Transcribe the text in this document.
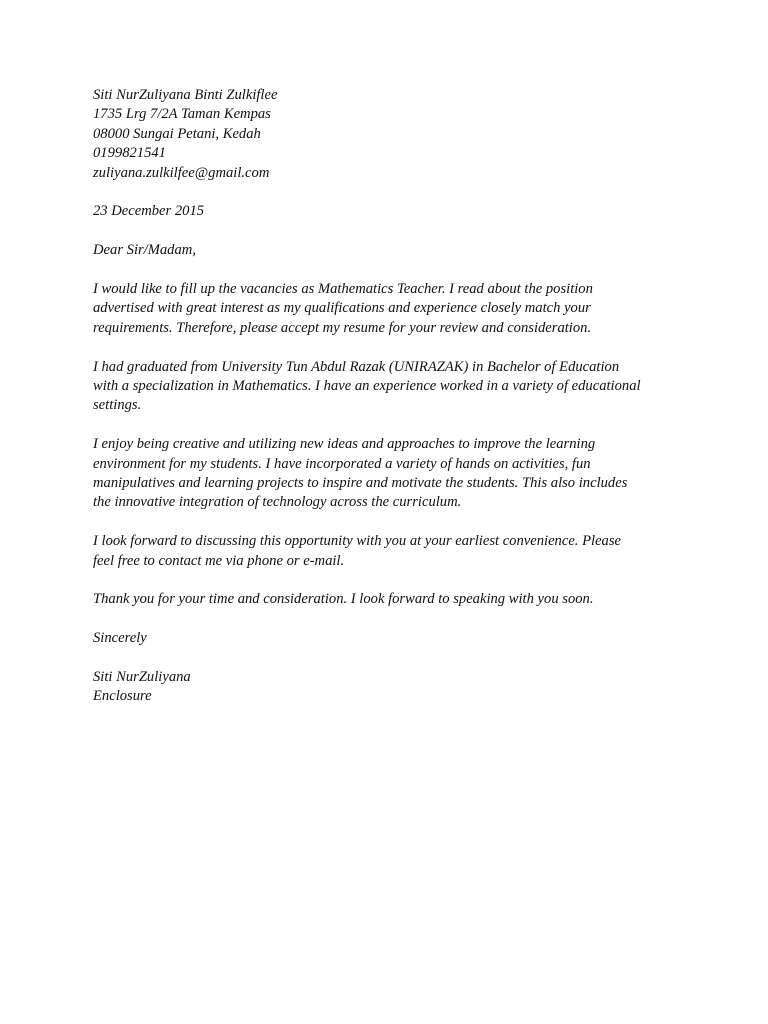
Siti NurZuliyana Binti Zulkiflee
1735 Lrg 7/2A Taman Kempas
08000 Sungai Petani, Kedah
0199821541
zuliyana.zulkilfee@gmail.com
23 December 2015
Dear Sir/Madam,
I would like to fill up the vacancies as Mathematics Teacher. I read about the position
advertised with great interest as my qualifications and experience closely match your
requirements. Therefore, please accept my resume for your review and consideration.
I had graduated from University Tun Abdul Razak (UNIRAZAK) in Bachelor of Education
with a specialization in Mathematics. I have an experience worked in a variety of educational
settings.
I enjoy being creative and utilizing new ideas and approaches to improve the learning
environment for my students. I have incorporated a variety of hands on activities, fun
manipulatives and learning projects to inspire and motivate the students. This also includes
the innovative integration of technology across the curriculum.
I look forward to discussing this opportunity with you at your earliest convenience. Please
feel free to contact me via phone or e-mail.
Thank you for your time and consideration. I look forward to speaking with you soon.
Sincerely
Siti NurZuliyana
Enclosure
